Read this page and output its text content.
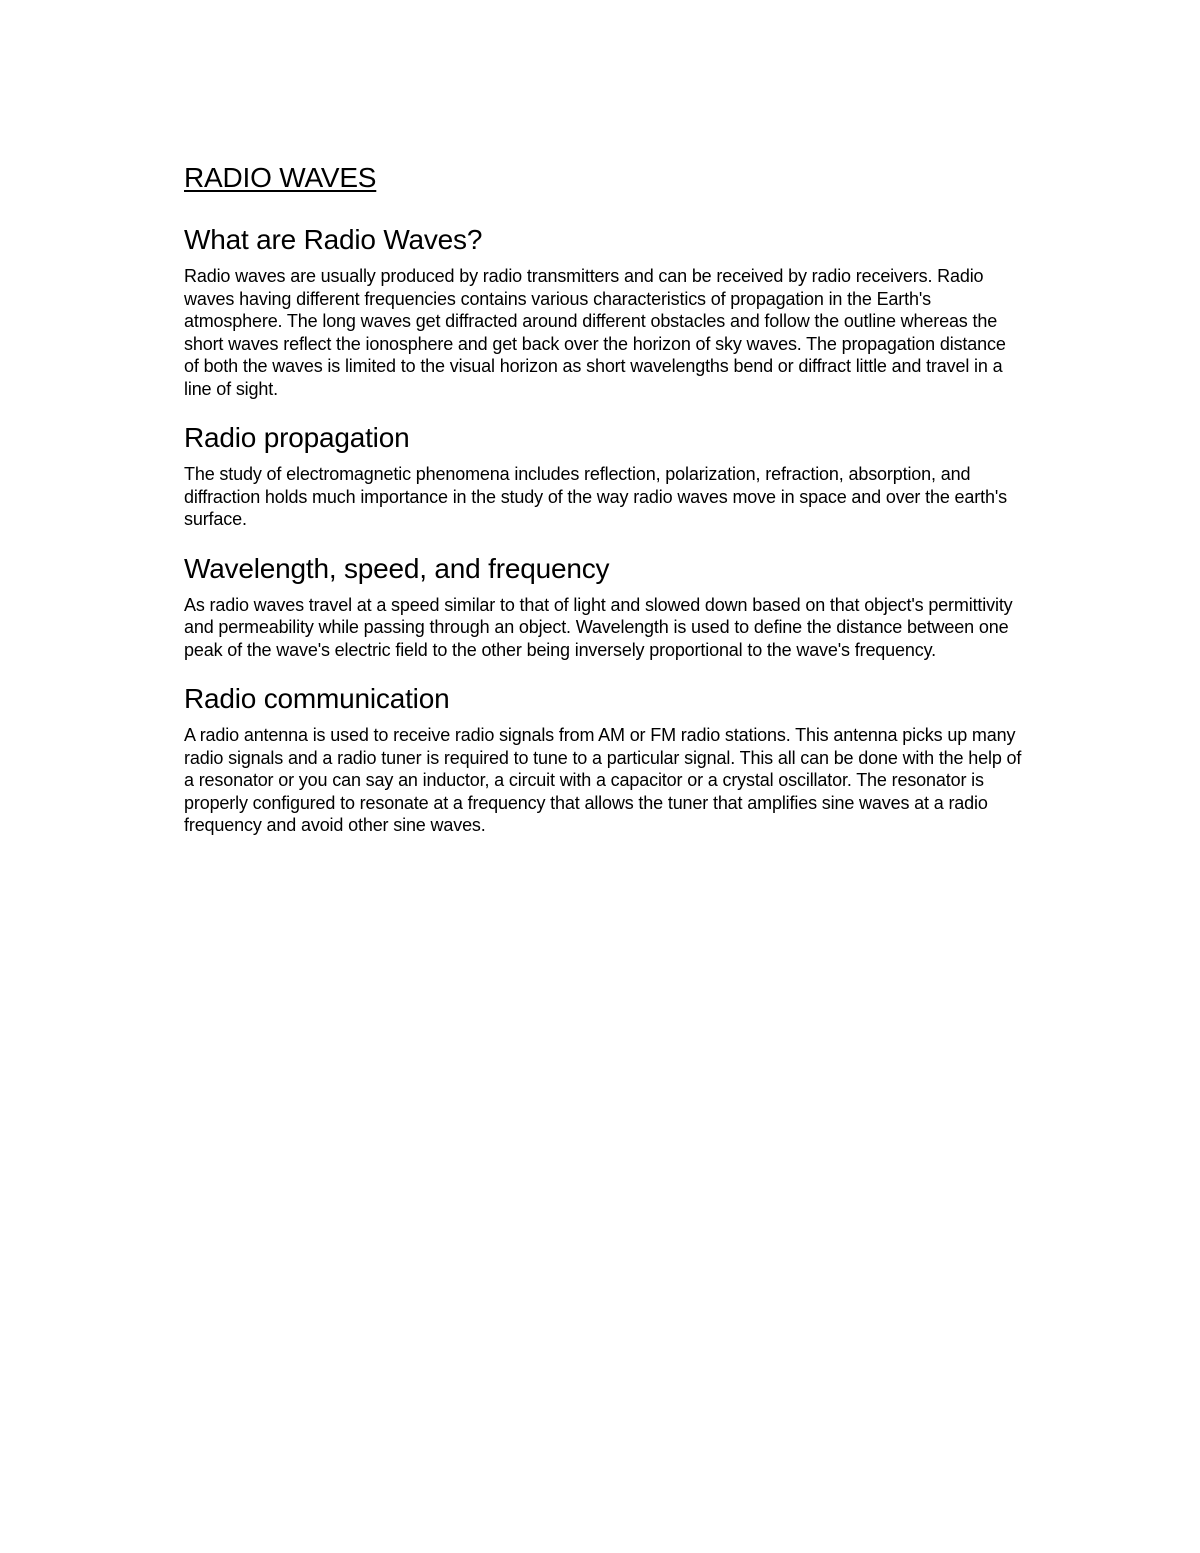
RADIO WAVES
What are Radio Waves?

Radio waves are usually produced by radio transmitters and can be received by radio receivers. Radio waves having different frequencies contains various characteristics of propagation in the Earth's atmosphere. The long waves get diffracted around different obstacles and follow the outline whereas the short waves reflect the ionosphere and get back over the horizon of sky waves. The propagation distance of both the waves is limited to the visual horizon as short wavelengths bend or diffract little and travel in a line of sight.

Radio propagation

The study of electromagnetic phenomena includes reflection, polarization, refraction, absorption, and diffraction holds much importance in the study of the way radio waves move in space and over the earth's surface.

Wavelength, speed, and frequency

As radio waves travel at a speed similar to that of light and slowed down based on that object's permittivity and permeability while passing through an object. Wavelength is used to define the distance between one peak of the wave's electric field to the other being inversely proportional to the wave's frequency.

Radio communication

A radio antenna is used to receive radio signals from AM or FM radio stations. This antenna picks up many radio signals and a radio tuner is required to tune to a particular signal. This all can be done with the help of a resonator or you can say an inductor, a circuit with a capacitor or a crystal oscillator. The resonator is properly configured to resonate at a frequency that allows the tuner that amplifies sine waves at a radio frequency and avoid other sine waves.
